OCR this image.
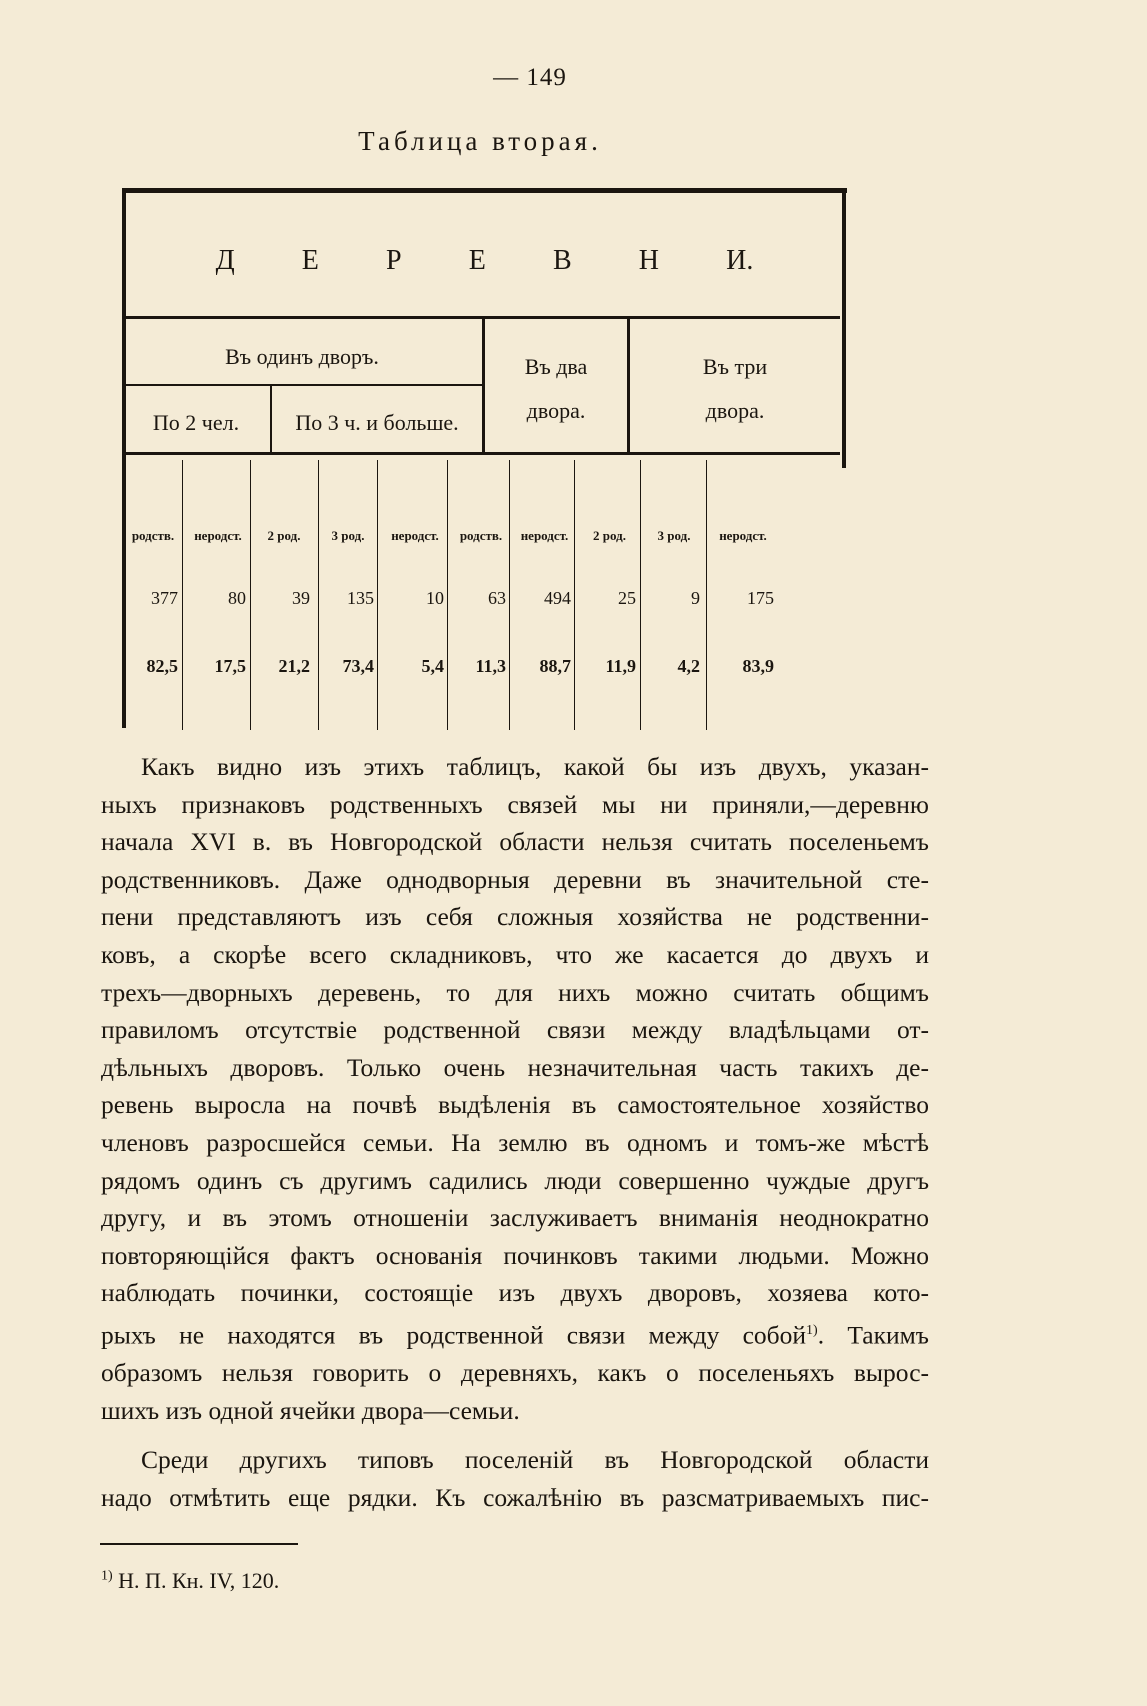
— 149
Таблица вторая.
Д Е Р Е В Н И.
Въ одинъ дворъ.
По 2 чел.	По 3 ч. и больше.
Въ два
двора.
Въ три
двора.
родств.
377
82,5
неродст.
80
17,5
2 род.
39
21,2
3 род.
135
73,4
неродст.
10
5,4
родств.
63
11,3
неродст.
494
88,7
2 род.
25
11,9
3 род.
9
4,2
неродст.
175
83,9

Какъ видно изъ этихъ таблицъ, какой бы изъ двухъ, указан-

ныхъ признаковъ родственныхъ связей мы ни приняли,—деревню

начала XVI в. въ Новгородской области нельзя считать поселеньемъ

родственниковъ. Даже однодворныя деревни въ значительной сте-

пени представляютъ изъ себя сложныя хозяйства не родственни-

ковъ, а скорѣе всего складниковъ, что же касается до двухъ и

трехъ—дворныхъ деревень, то для нихъ можно считать общимъ

правиломъ отсутствіе родственной связи между владѣльцами от-

дѣльныхъ дворовъ. Только очень незначительная часть такихъ де-

ревень выросла на почвѣ выдѣленія въ самостоятельное хозяйство

членовъ разросшейся семьи. На землю въ одномъ и томъ-же мѣстѣ

рядомъ одинъ съ другимъ садились люди совершенно чуждые другъ

другу, и въ этомъ отношеніи заслуживаетъ вниманія неоднократно

повторяющійся фактъ основанія починковъ такими людьми. Можно

наблюдать починки, состоящіе изъ двухъ дворовъ, хозяева кото-

рыхъ не находятся въ родственной связи между собой$^{1)}$. Такимъ

образомъ нельзя говорить о деревняхъ, какъ о поселеньяхъ вырос-

шихъ изъ одной ячейки двора—семьи.

Среди другихъ типовъ поселеній въ Новгородской области

надо отмѣтить еще рядки. Къ сожалѣнію въ разсматриваемыхъ пис-

$^{1)}$ Н. П. Кн. IV, 120.
